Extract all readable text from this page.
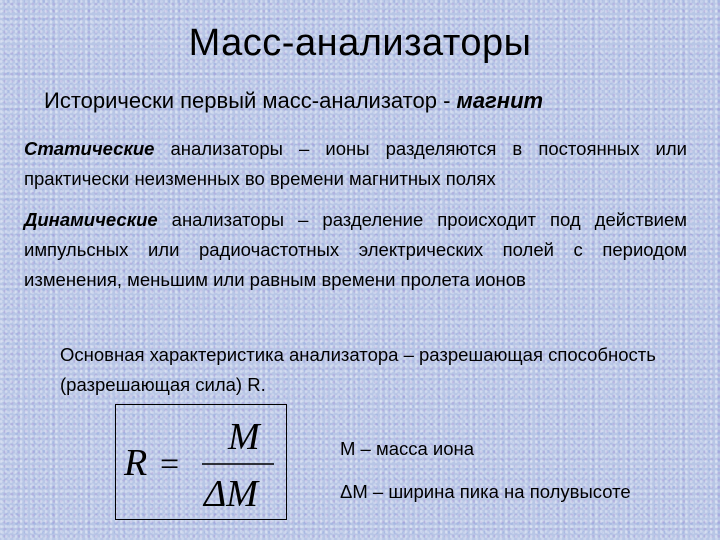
Масс-анализаторы
Исторически первый масс-анализатор - магнит
Статические анализаторы – ионы разделяются в постоянных или практически неизменных во времени магнитных полях
Динамические анализаторы – разделение происходит под действием импульсных или радиочастотных электрических полей с периодом изменения, меньшим или равным времени пролета ионов
Основная характеристика анализатора – разрешающая способность (разрешающая сила) R.
R =
M
ΔM
M – масса иона
ΔM – ширина пика на полувысоте
